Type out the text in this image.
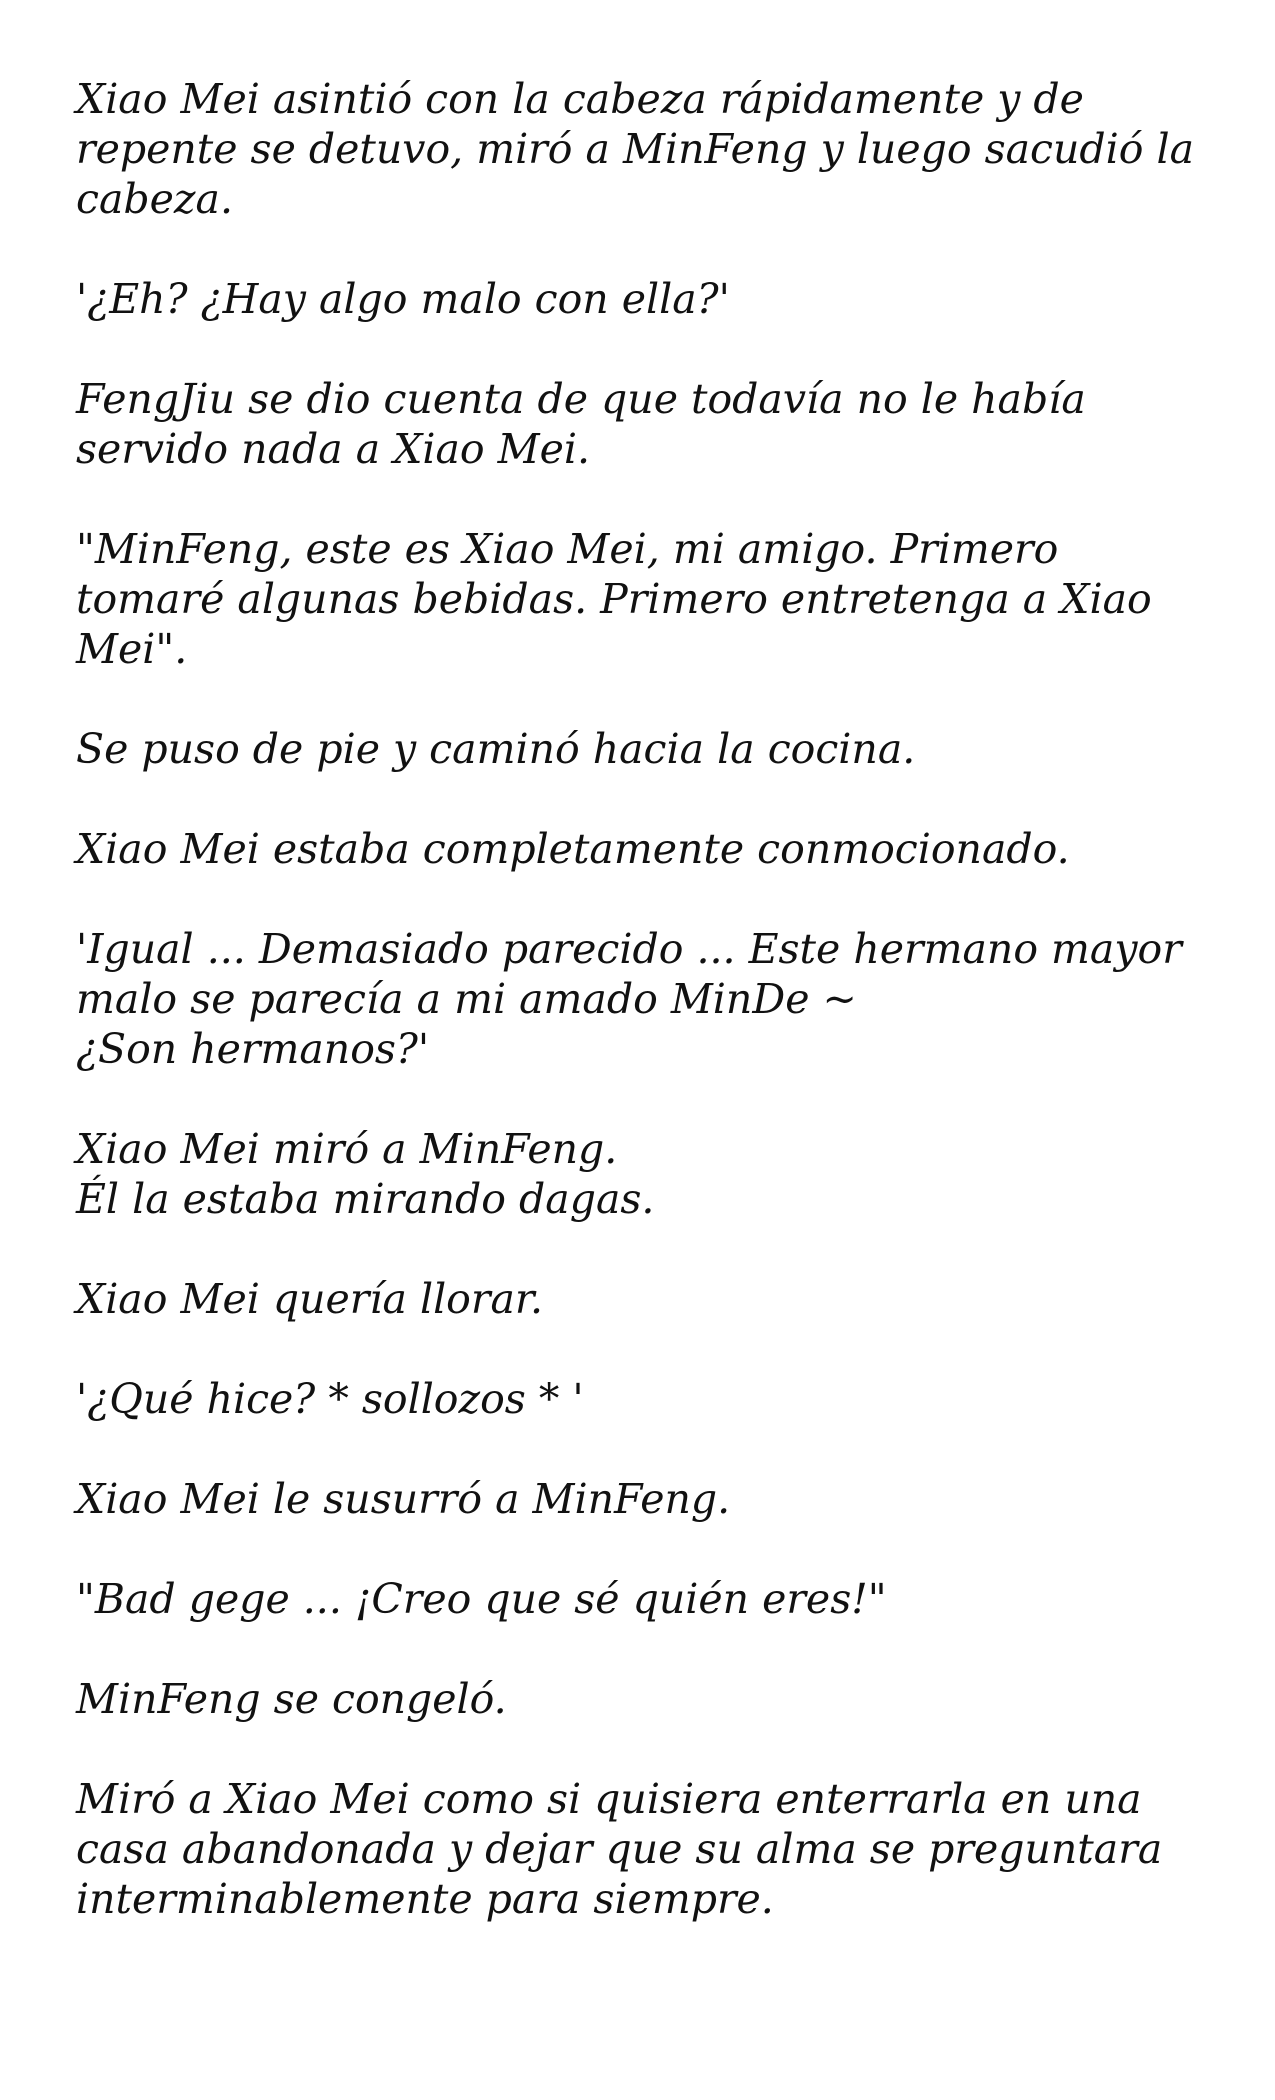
Xiao Mei asintió con la cabeza rápidamente y de
repente se detuvo, miró a MinFeng y luego sacudió la
cabeza.

'¿Eh? ¿Hay algo malo con ella?'

FengJiu se dio cuenta de que todavía no le había
servido nada a Xiao Mei.

"MinFeng, este es Xiao Mei, mi amigo. Primero
tomaré algunas bebidas. Primero entretenga a Xiao
Mei".

Se puso de pie y caminó hacia la cocina.

Xiao Mei estaba completamente conmocionado.

'Igual ... Demasiado parecido ... Este hermano mayor
malo se parecía a mi amado MinDe ~
¿Son hermanos?'

Xiao Mei miró a MinFeng.
Él la estaba mirando dagas.

Xiao Mei quería llorar.

'¿Qué hice? * sollozos * '

Xiao Mei le susurró a MinFeng.

"Bad gege ... ¡Creo que sé quién eres!"

MinFeng se congeló.

Miró a Xiao Mei como si quisiera enterrarla en una
casa abandonada y dejar que su alma se preguntara
interminablemente para siempre.
